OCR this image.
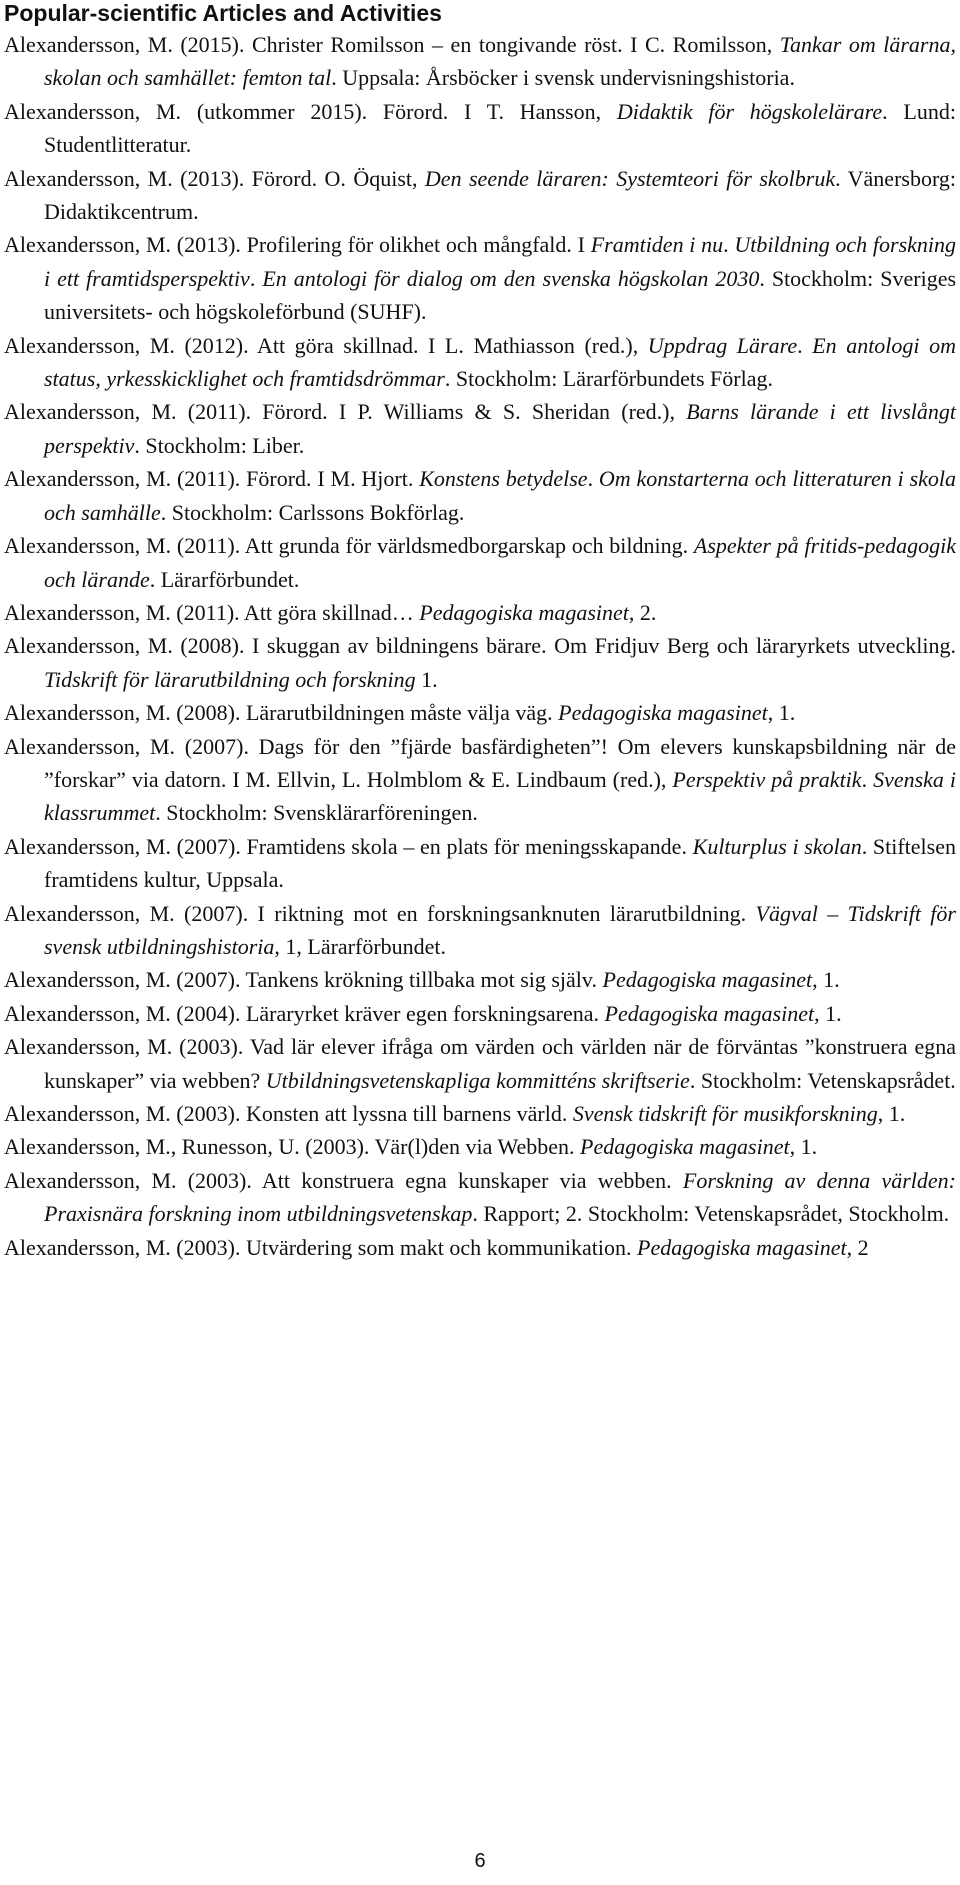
Popular-scientific Articles and Activities

Alexandersson, M. (2015). Christer Romilsson – en tongivande röst. I C. Romilsson, Tankar om lärarna, skolan och samhället: femton tal. Uppsala: Årsböcker i svensk undervisningshistoria.

Alexandersson, M. (utkommer 2015). Förord. I T. Hansson, Didaktik för högskolelärare. Lund: Studentlitteratur.

Alexandersson, M. (2013). Förord. O. Öquist, Den seende läraren: Systemteori för skolbruk. Vänersborg: Didaktikcentrum.

Alexandersson, M. (2013). Profilering för olikhet och mångfald. I Framtiden i nu. Utbildning och forskning i ett framtidsperspektiv. En antologi för dialog om den svenska högskolan 2030. Stockholm: Sveriges universitets- och högskoleförbund (SUHF).

Alexandersson, M. (2012). Att göra skillnad. I L. Mathiasson (red.), Uppdrag Lärare. En antologi om status, yrkesskicklighet och framtidsdrömmar. Stockholm: Lärarförbundets Förlag.

Alexandersson, M. (2011). Förord. I P. Williams & S. Sheridan (red.), Barns lärande i ett livslångt perspektiv. Stockholm: Liber.

Alexandersson, M. (2011). Förord. I M. Hjort. Konstens betydelse. Om konstarterna och litteraturen i skola och samhälle. Stockholm: Carlssons Bokförlag.

Alexandersson, M. (2011). Att grunda för världsmedborgarskap och bildning. Aspekter på fritids-pedagogik och lärande. Lärarförbundet.

Alexandersson, M. (2011). Att göra skillnad… Pedagogiska magasinet, 2.

Alexandersson, M. (2008). I skuggan av bildningens bärare. Om Fridjuv Berg och läraryrkets utveckling. Tidskrift för lärarutbildning och forskning 1.

Alexandersson, M. (2008). Lärarutbildningen måste välja väg. Pedagogiska magasinet, 1.

Alexandersson, M. (2007). Dags för den ”fjärde basfärdigheten”! Om elevers kunskapsbildning när de ”forskar” via datorn. I M. Ellvin, L. Holmblom & E. Lindbaum (red.), Perspektiv på praktik. Svenska i klassrummet. Stockholm: Svensklärarföreningen.

Alexandersson, M. (2007). Framtidens skola – en plats för meningsskapande. Kulturplus i skolan. Stiftelsen framtidens kultur, Uppsala.

Alexandersson, M. (2007). I riktning mot en forskningsanknuten lärarutbildning. Vägval – Tidskrift för svensk utbildningshistoria, 1, Lärarförbundet.

Alexandersson, M. (2007). Tankens krökning tillbaka mot sig själv. Pedagogiska magasinet, 1.

Alexandersson, M. (2004). Läraryrket kräver egen forskningsarena. Pedagogiska magasinet, 1.

Alexandersson, M. (2003). Vad lär elever ifråga om värden och världen när de förväntas ”konstruera egna kunskaper” via webben? Utbildningsvetenskapliga kommitténs skriftserie. Stockholm: Vetenskapsrådet.

Alexandersson, M. (2003). Konsten att lyssna till barnens värld. Svensk tidskrift för musikforskning, 1.

Alexandersson, M., Runesson, U. (2003). Vär(l)den via Webben. Pedagogiska magasinet, 1.

Alexandersson, M. (2003). Att konstruera egna kunskaper via webben. Forskning av denna världen: Praxisnära forskning inom utbildningsvetenskap. Rapport; 2. Stockholm: Vetenskapsrådet, Stockholm.

Alexandersson, M. (2003). Utvärdering som makt och kommunikation. Pedagogiska magasinet, 2

6
